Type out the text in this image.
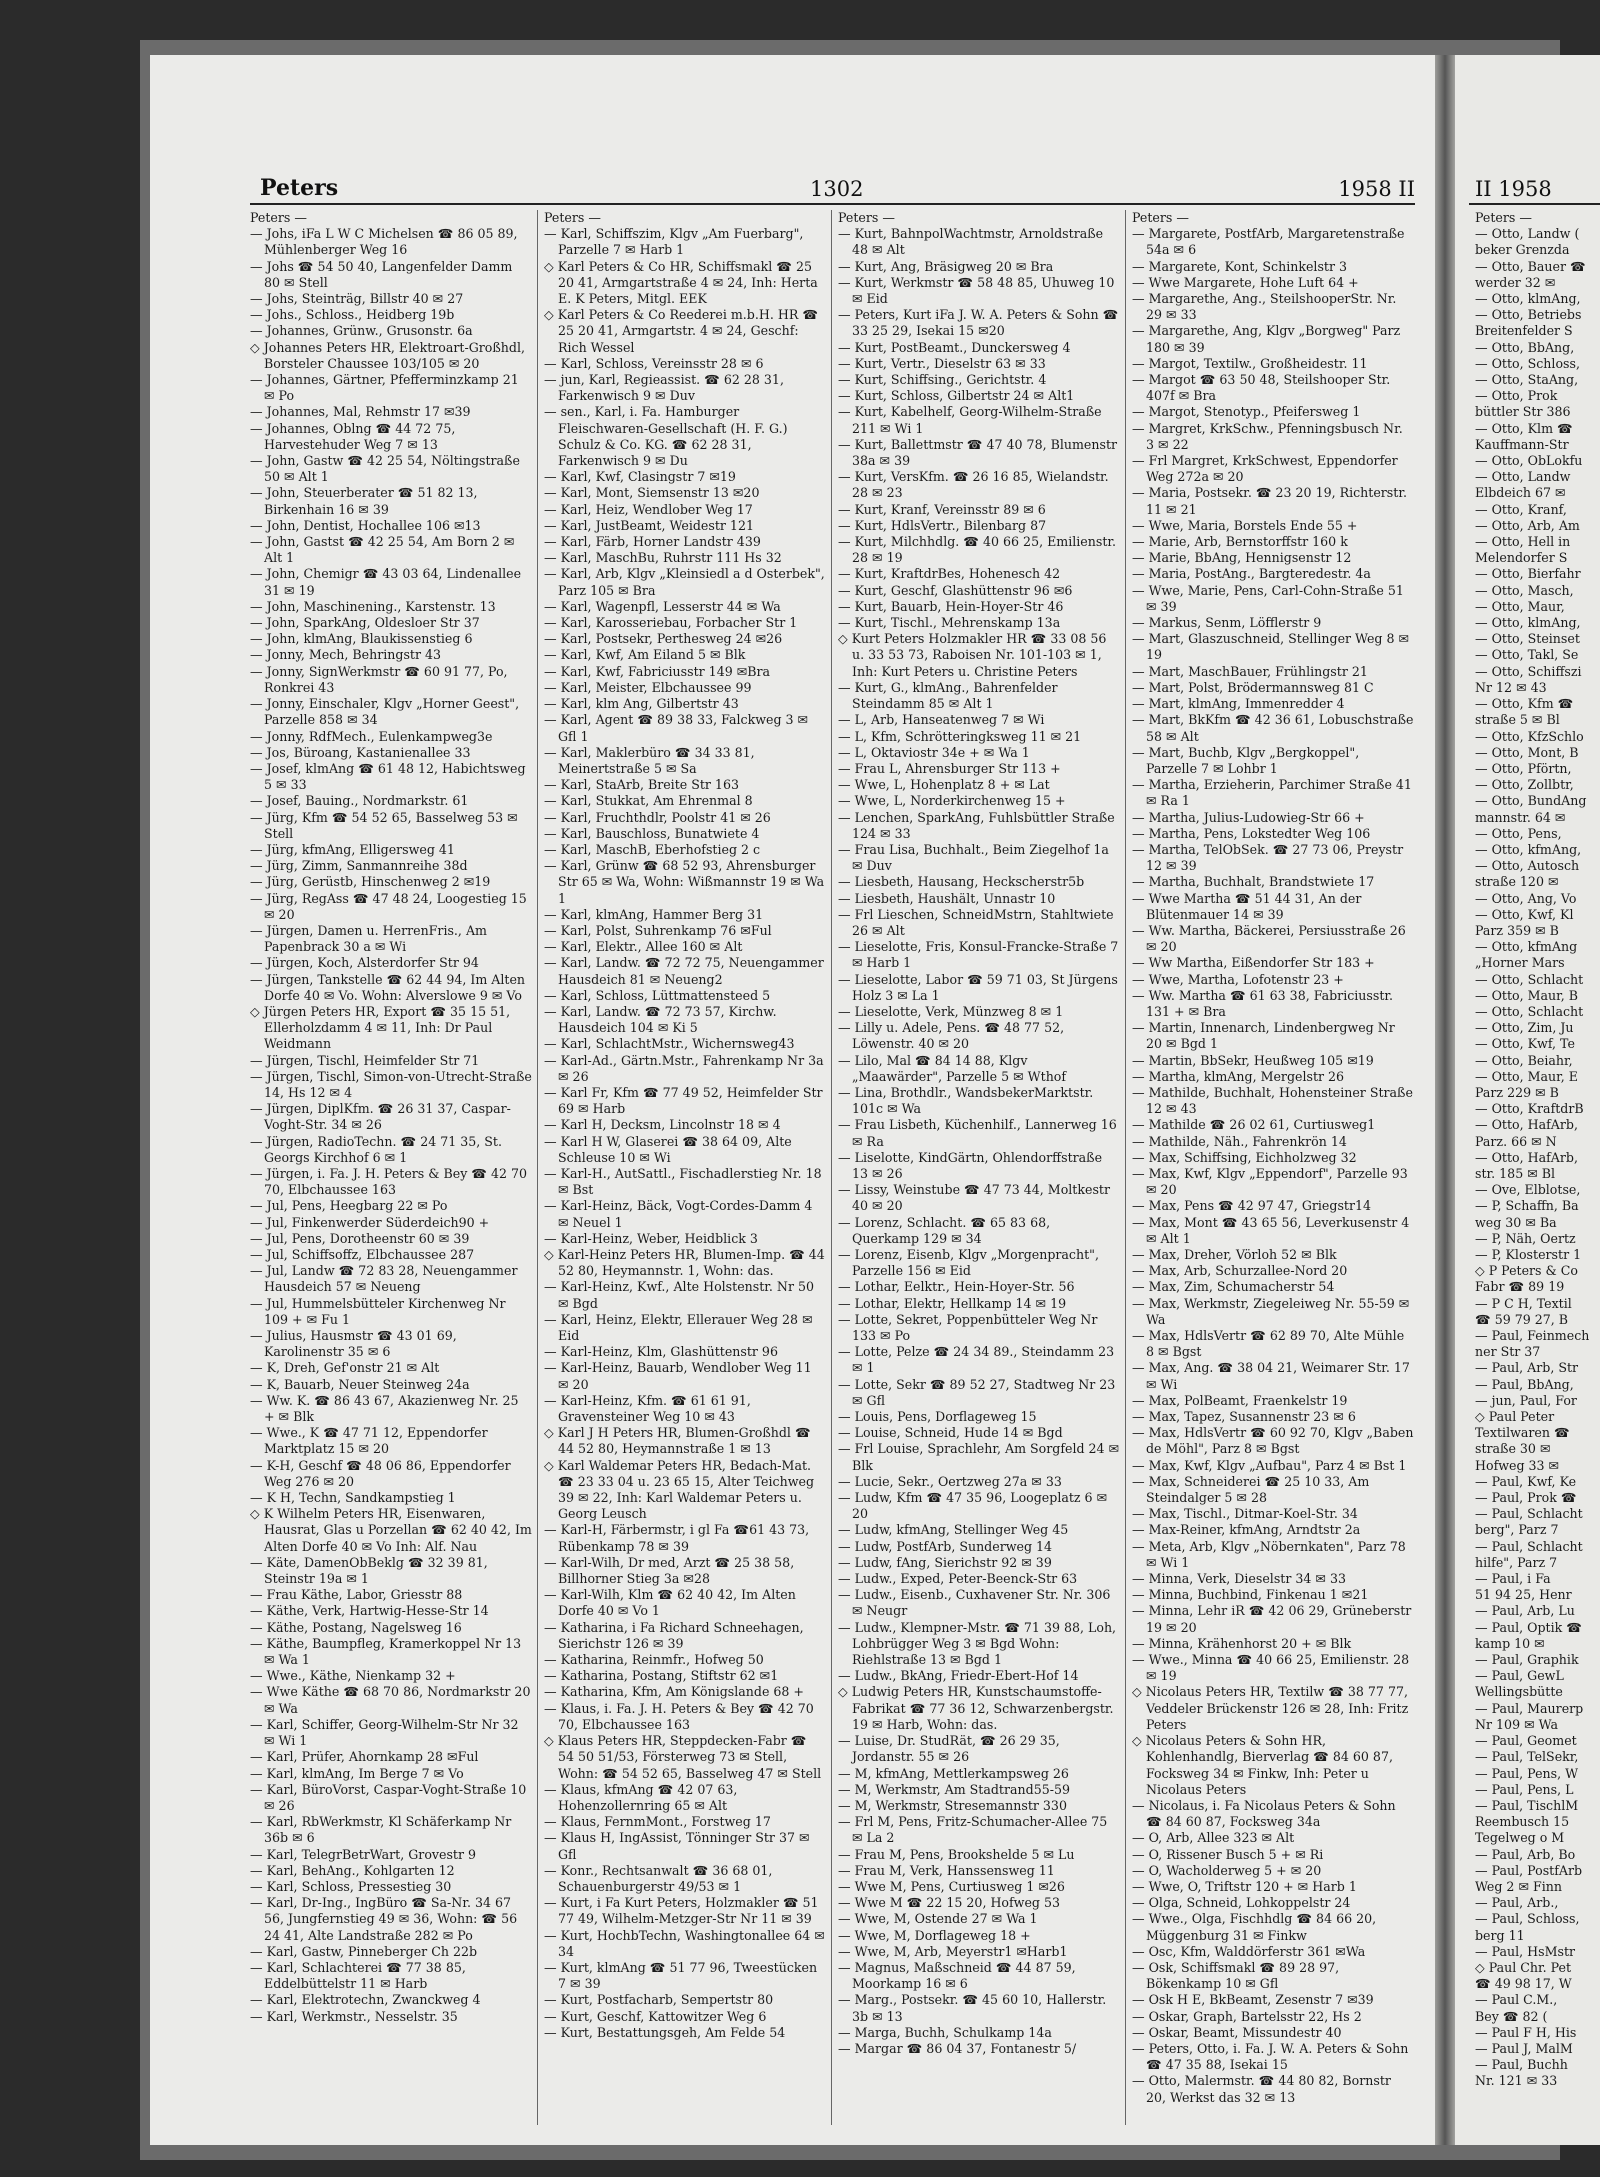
Peters	1302	1958 II

Peters —

— Johs, iFa L W C Michelsen ☎ 86 05 89, Mühlenberger Weg 16

— Johs ☎ 54 50 40, Langenfelder Damm 80 ✉ Stell

— Johs, Steinträg, Billstr 40 ✉ 27

— Johs., Schloss., Heidberg 19b

— Johannes, Grünw., Grusonstr. 6a

◇ Johannes Peters HR, Elektroart-Großhdl, Borsteler Chaussee 103/105 ✉ 20

— Johannes, Gärtner, Pfefferminzkamp 21 ✉ Po

— Johannes, Mal, Rehmstr 17 ✉39

— Johannes, Oblng ☎ 44 72 75, Harvestehuder Weg 7 ✉ 13

— John, Gastw ☎ 42 25 54, Nöltingstraße 50 ✉ Alt 1

— John, Steuerberater ☎ 51 82 13, Birkenhain 16 ✉ 39

— John, Dentist, Hochallee 106 ✉13

— John, Gastst ☎ 42 25 54, Am Born 2 ✉ Alt 1

— John, Chemigr ☎ 43 03 64, Lindenallee 31 ✉ 19

— John, Maschinening., Karstenstr. 13

— John, SparkAng, Oldesloer Str 37

— John, klmAng, Blaukissenstieg 6

— Jonny, Mech, Behringstr 43

— Jonny, SignWerkmstr ☎ 60 91 77, Po, Ronkrei 43

— Jonny, Einschaler, Klgv „Horner Geest", Parzelle 858 ✉ 34

— Jonny, RdfMech., Eulenkampweg3e

— Jos, Büroang, Kastanienallee 33

— Josef, klmAng ☎ 61 48 12, Habichtsweg 5 ✉ 33

— Josef, Bauing., Nordmarkstr. 61

— Jürg, Kfm ☎ 54 52 65, Basselweg 53 ✉ Stell

— Jürg, kfmAng, Elligersweg 41

— Jürg, Zimm, Sanmannreihe 38d

— Jürg, Gerüstb, Hinschenweg 2 ✉19

— Jürg, RegAss ☎ 47 48 24, Loogestieg 15 ✉ 20

— Jürgen, Damen u. HerrenFris., Am Papenbrack 30 a ✉ Wi

— Jürgen, Koch, Alsterdorfer Str 94

— Jürgen, Tankstelle ☎ 62 44 94, Im Alten Dorfe 40 ✉ Vo. Wohn: Alverslowe 9 ✉ Vo

◇ Jürgen Peters HR, Export ☎ 35 15 51, Ellerholzdamm 4 ✉ 11, Inh: Dr Paul Weidmann

— Jürgen, Tischl, Heimfelder Str 71

— Jürgen, Tischl, Simon-von-Utrecht-Straße 14, Hs 12 ✉ 4

— Jürgen, DiplKfm. ☎ 26 31 37, Caspar-Voght-Str. 34 ✉ 26

— Jürgen, RadioTechn. ☎ 24 71 35, St. Georgs Kirchhof 6 ✉ 1

— Jürgen, i. Fa. J. H. Peters & Bey ☎ 42 70 70, Elbchaussee 163

— Jul, Pens, Heegbarg 22 ✉ Po

— Jul, Finkenwerder Süderdeich90 +

— Jul, Pens, Dorotheenstr 60 ✉ 39

— Jul, Schiffsoffz, Elbchaussee 287

— Jul, Landw ☎ 72 83 28, Neuengammer Hausdeich 57 ✉ Neueng

— Jul, Hummelsbütteler Kirchenweg Nr 109 + ✉ Fu 1

— Julius, Hausmstr ☎ 43 01 69, Karolinenstr 35 ✉ 6

— K, Dreh, Gef'onstr 21 ✉ Alt

— K, Bauarb, Neuer Steinweg 24a

— Ww. K. ☎ 86 43 67, Akazienweg Nr. 25 + ✉ Blk

— Wwe., K ☎ 47 71 12, Eppendorfer Marktplatz 15 ✉ 20

— K-H, Geschf ☎ 48 06 86, Eppendorfer Weg 276 ✉ 20

— K H, Techn, Sandkampstieg 1

◇ K Wilhelm Peters HR, Eisenwaren, Hausrat, Glas u Porzellan ☎ 62 40 42, Im Alten Dorfe 40 ✉ Vo Inh: Alf. Nau

— Käte, DamenObBeklg ☎ 32 39 81, Steinstr 19a ✉ 1

— Frau Käthe, Labor, Griesstr 88

— Käthe, Verk, Hartwig-Hesse-Str 14

— Käthe, Postang, Nagelsweg 16

— Käthe, Baumpfleg, Kramerkoppel Nr 13 ✉ Wa 1

— Wwe., Käthe, Nienkamp 32 +

— Wwe Käthe ☎ 68 70 86, Nordmarkstr 20 ✉ Wa

— Karl, Schiffer, Georg-Wilhelm-Str Nr 32 ✉ Wi 1

— Karl, Prüfer, Ahornkamp 28 ✉Ful

— Karl, klmAng, Im Berge 7 ✉ Vo

— Karl, BüroVorst, Caspar-Voght-Straße 10 ✉ 26

— Karl, RbWerkmstr, Kl Schäferkamp Nr 36b ✉ 6

— Karl, TelegrBetrWart, Grovestr 9

— Karl, BehAng., Kohlgarten 12

— Karl, Schloss, Pressestieg 30

— Karl, Dr-Ing., IngBüro ☎ Sa-Nr. 34 67 56, Jungfernstieg 49 ✉ 36, Wohn: ☎ 56 24 41, Alte Landstraße 282 ✉ Po

— Karl, Gastw, Pinneberger Ch 22b

— Karl, Schlachterei ☎ 77 38 85, Eddelbüttelstr 11 ✉ Harb

— Karl, Elektrotechn, Zwanckweg 4

— Karl, Werkmstr., Nesselstr. 35

Peters —

— Karl, Schiffszim, Klgv „Am Fuerbarg", Parzelle 7 ✉ Harb 1

◇ Karl Peters & Co HR, Schiffsmakl ☎ 25 20 41, Armgartstraße 4 ✉ 24, Inh: Herta E. K Peters, Mitgl. EEK

◇ Karl Peters & Co Reederei m.b.H. HR ☎ 25 20 41, Armgartstr. 4 ✉ 24, Geschf: Rich Wessel

— Karl, Schloss, Vereinsstr 28 ✉ 6

— jun, Karl, Regieassist. ☎ 62 28 31, Farkenwisch 9 ✉ Duv

— sen., Karl, i. Fa. Hamburger Fleischwaren-Gesellschaft (H. F. G.) Schulz & Co. KG. ☎ 62 28 31, Farkenwisch 9 ✉ Du

— Karl, Kwf, Clasingstr 7 ✉19

— Karl, Mont, Siemsenstr 13 ✉20

— Karl, Heiz, Wendlober Weg 17

— Karl, JustBeamt, Weidestr 121

— Karl, Färb, Horner Landstr 439

— Karl, MaschBu, Ruhrstr 111 Hs 32

— Karl, Arb, Klgv „Kleinsiedl a d Osterbek", Parz 105 ✉ Bra

— Karl, Wagenpfl, Lesserstr 44 ✉ Wa

— Karl, Karosseriebau, Forbacher Str 1

— Karl, Postsekr, Perthesweg 24 ✉26

— Karl, Kwf, Am Eiland 5 ✉ Blk

— Karl, Kwf, Fabriciusstr 149 ✉Bra

— Karl, Meister, Elbchaussee 99

— Karl, klm Ang, Gilbertstr 43

— Karl, Agent ☎ 89 38 33, Falckweg 3 ✉ Gfl 1

— Karl, Maklerbüro ☎ 34 33 81, Meinertstraße 5 ✉ Sa

— Karl, StaArb, Breite Str 163

— Karl, Stukkat, Am Ehrenmal 8

— Karl, Fruchthdlr, Poolstr 41 ✉ 26

— Karl, Bauschloss, Bunatwiete 4

— Karl, MaschB, Eberhofstieg 2 c

— Karl, Grünw ☎ 68 52 93, Ahrensburger Str 65 ✉ Wa, Wohn: Wißmannstr 19 ✉ Wa 1

— Karl, klmAng, Hammer Berg 31

— Karl, Polst, Suhrenkamp 76 ✉Ful

— Karl, Elektr., Allee 160 ✉ Alt

— Karl, Landw. ☎ 72 72 75, Neuengammer Hausdeich 81 ✉ Neueng2

— Karl, Schloss, Lüttmattensteed 5

— Karl, Landw. ☎ 72 73 57, Kirchw. Hausdeich 104 ✉ Ki 5

— Karl, SchlachtMstr., Wichernsweg43

— Karl-Ad., Gärtn.Mstr., Fahrenkamp Nr 3a ✉ 26

— Karl Fr, Kfm ☎ 77 49 52, Heimfelder Str 69 ✉ Harb

— Karl H, Decksm, Lincolnstr 18 ✉ 4

— Karl H W, Glaserei ☎ 38 64 09, Alte Schleuse 10 ✉ Wi

— Karl-H., AutSattl., Fischadlerstieg Nr. 18 ✉ Bst

— Karl-Heinz, Bäck, Vogt-Cordes-Damm 4 ✉ Neuel 1

— Karl-Heinz, Weber, Heidblick 3

◇ Karl-Heinz Peters HR, Blumen-Imp. ☎ 44 52 80, Heymannstr. 1, Wohn: das.

— Karl-Heinz, Kwf., Alte Holstenstr. Nr 50 ✉ Bgd

— Karl, Heinz, Elektr, Ellerauer Weg 28 ✉ Eid

— Karl-Heinz, Klm, Glashüttenstr 96

— Karl-Heinz, Bauarb, Wendlober Weg 11 ✉ 20

— Karl-Heinz, Kfm. ☎ 61 61 91, Gravensteiner Weg 10 ✉ 43

◇ Karl J H Peters HR, Blumen-Großhdl ☎ 44 52 80, Heymannstraße 1 ✉ 13

◇ Karl Waldemar Peters HR, Bedach-Mat. ☎ 23 33 04 u. 23 65 15, Alter Teichweg 39 ✉ 22, Inh: Karl Waldemar Peters u. Georg Leusch

— Karl-H, Färbermstr, i gl Fa ☎61 43 73, Rübenkamp 78 ✉ 39

— Karl-Wilh, Dr med, Arzt ☎ 25 38 58, Billhorner Stieg 3a ✉28

— Karl-Wilh, Klm ☎ 62 40 42, Im Alten Dorfe 40 ✉ Vo 1

— Katharina, i Fa Richard Schneehagen, Sierichstr 126 ✉ 39

— Katharina, Reinmfr., Hofweg 50

— Katharina, Postang, Stiftstr 62 ✉1

— Katharina, Kfm, Am Königslande 68 +

— Klaus, i. Fa. J. H. Peters & Bey ☎ 42 70 70, Elbchaussee 163

◇ Klaus Peters HR, Steppdecken-Fabr ☎ 54 50 51/53, Försterweg 73 ✉ Stell, Wohn: ☎ 54 52 65, Basselweg 47 ✉ Stell

— Klaus, kfmAng ☎ 42 07 63, Hohenzollernring 65 ✉ Alt

— Klaus, FernmMont., Forstweg 17

— Klaus H, IngAssist, Tönninger Str 37 ✉ Gfl

— Konr., Rechtsanwalt ☎ 36 68 01, Schauenburgerstr 49/53 ✉ 1

— Kurt, i Fa Kurt Peters, Holzmakler ☎ 51 77 49, Wilhelm-Metzger-Str Nr 11 ✉ 39

— Kurt, HochbTechn, Washingtonallee 64 ✉ 34

— Kurt, klmAng ☎ 51 77 96, Tweestücken 7 ✉ 39

— Kurt, Postfacharb, Sempertstr 80

— Kurt, Geschf, Kattowitzer Weg 6

— Kurt, Bestattungsgeh, Am Felde 54

Peters —

— Kurt, BahnpolWachtmstr, Arnoldstraße 48 ✉ Alt

— Kurt, Ang, Bräsigweg 20 ✉ Bra

— Kurt, Werkmstr ☎ 58 48 85, Uhuweg 10 ✉ Eid

— Peters, Kurt iFa J. W. A. Peters & Sohn ☎ 33 25 29, Isekai 15 ✉20

— Kurt, PostBeamt., Dunckersweg 4

— Kurt, Vertr., Dieselstr 63 ✉ 33

— Kurt, Schiffsing., Gerichtstr. 4

— Kurt, Schloss, Gilbertstr 24 ✉ Alt1

— Kurt, Kabelhelf, Georg-Wilhelm-Straße 211 ✉ Wi 1

— Kurt, Ballettmstr ☎ 47 40 78, Blumenstr 38a ✉ 39

— Kurt, VersKfm. ☎ 26 16 85, Wielandstr. 28 ✉ 23

— Kurt, Kranf, Vereinsstr 89 ✉ 6

— Kurt, HdlsVertr., Bilenbarg 87

— Kurt, Milchhdlg. ☎ 40 66 25, Emilienstr. 28 ✉ 19

— Kurt, KraftdrBes, Hohenesch 42

— Kurt, Geschf, Glashüttenstr 96 ✉6

— Kurt, Bauarb, Hein-Hoyer-Str 46

— Kurt, Tischl., Mehrenskamp 13a

◇ Kurt Peters Holzmakler HR ☎ 33 08 56 u. 33 53 73, Raboisen Nr. 101-103 ✉ 1, Inh: Kurt Peters u. Christine Peters

— Kurt, G., klmAng., Bahrenfelder Steindamm 85 ✉ Alt 1

— L, Arb, Hanseatenweg 7 ✉ Wi

— L, Kfm, Schrötteringksweg 11 ✉ 21

— L, Oktaviostr 34e + ✉ Wa 1

— Frau L, Ahrensburger Str 113 +

— Wwe, L, Hohenplatz 8 + ✉ Lat

— Wwe, L, Norderkirchenweg 15 +

— Lenchen, SparkAng, Fuhlsbüttler Straße 124 ✉ 33

— Frau Lisa, Buchhalt., Beim Ziegelhof 1a ✉ Duv

— Liesbeth, Hausang, Heckscherstr5b

— Liesbeth, Haushält, Unnastr 10

— Frl Lieschen, SchneidMstrn, Stahltwiete 26 ✉ Alt

— Lieselotte, Fris, Konsul-Francke-Straße 7 ✉ Harb 1

— Lieselotte, Labor ☎ 59 71 03, St Jürgens Holz 3 ✉ La 1

— Lieselotte, Verk, Münzweg 8 ✉ 1

— Lilly u. Adele, Pens. ☎ 48 77 52, Löwenstr. 40 ✉ 20

— Lilo, Mal ☎ 84 14 88, Klgv „Maawärder", Parzelle 5 ✉ Wthof

— Lina, Brothdlr., WandsbekerMarktstr. 101c ✉ Wa

— Frau Lisbeth, Küchenhilf., Lannerweg 16 ✉ Ra

— Liselotte, KindGärtn, Ohlendorffstraße 13 ✉ 26

— Lissy, Weinstube ☎ 47 73 44, Moltkestr 40 ✉ 20

— Lorenz, Schlacht. ☎ 65 83 68, Querkamp 129 ✉ 34

— Lorenz, Eisenb, Klgv „Morgenpracht", Parzelle 156 ✉ Eid

— Lothar, Eelktr., Hein-Hoyer-Str. 56

— Lothar, Elektr, Hellkamp 14 ✉ 19

— Lotte, Sekret, Poppenbütteler Weg Nr 133 ✉ Po

— Lotte, Pelze ☎ 24 34 89., Steindamm 23 ✉ 1

— Lotte, Sekr ☎ 89 52 27, Stadtweg Nr 23 ✉ Gfl

— Louis, Pens, Dorflageweg 15

— Louise, Schneid, Hude 14 ✉ Bgd

— Frl Louise, Sprachlehr, Am Sorgfeld 24 ✉ Blk

— Lucie, Sekr., Oertzweg 27a ✉ 33

— Ludw, Kfm ☎ 47 35 96, Loogeplatz 6 ✉ 20

— Ludw, kfmAng, Stellinger Weg 45

— Ludw, PostfArb, Sunderweg 14

— Ludw, fAng, Sierichstr 92 ✉ 39

— Ludw., Exped, Peter-Beenck-Str 63

— Ludw., Eisenb., Cuxhavener Str. Nr. 306 ✉ Neugr

— Ludw., Klempner-Mstr. ☎ 71 39 88, Loh, Lohbrügger Weg 3 ✉ Bgd Wohn: Riehlstraße 13 ✉ Bgd 1

— Ludw., BkAng, Friedr-Ebert-Hof 14

◇ Ludwig Peters HR, Kunstschaumstoffe-Fabrikat ☎ 77 36 12, Schwarzenbergstr. 19 ✉ Harb, Wohn: das.

— Luise, Dr. StudRät, ☎ 26 29 35, Jordanstr. 55 ✉ 26

— M, kfmAng, Mettlerkampsweg 26

— M, Werkmstr, Am Stadtrand55-59

— M, Werkmstr, Stresemannstr 330

— Frl M, Pens, Fritz-Schumacher-Allee 75 ✉ La 2

— Frau M, Pens, Brookshelde 5 ✉ Lu

— Frau M, Verk, Hanssensweg 11

— Wwe M, Pens, Curtiusweg 1 ✉26

— Wwe M ☎ 22 15 20, Hofweg 53

— Wwe, M, Ostende 27 ✉ Wa 1

— Wwe, M, Dorflageweg 18 +

— Wwe, M, Arb, Meyerstr1 ✉Harb1

— Magnus, Maßschneid ☎ 44 87 59, Moorkamp 16 ✉ 6

— Marg., Postsekr. ☎ 45 60 10, Hallerstr. 3b ✉ 13

— Marga, Buchh, Schulkamp 14a

— Margar ☎ 86 04 37, Fontanestr 5/

Peters —

— Margarete, PostfArb, Margaretenstraße 54a ✉ 6

— Margarete, Kont, Schinkelstr 3

— Wwe Margarete, Hohe Luft 64 +

— Margarethe, Ang., SteilshooperStr. Nr. 29 ✉ 33

— Margarethe, Ang, Klgv „Borgweg" Parz 180 ✉ 39

— Margot, Textilw., Großheidestr. 11

— Margot ☎ 63 50 48, Steilshooper Str. 407f ✉ Bra

— Margot, Stenotyp., Pfeifersweg 1

— Margret, KrkSchw., Pfenningsbusch Nr. 3 ✉ 22

— Frl Margret, KrkSchwest, Eppendorfer Weg 272a ✉ 20

— Maria, Postsekr. ☎ 23 20 19, Richterstr. 11 ✉ 21

— Wwe, Maria, Borstels Ende 55 +

— Marie, Arb, Bernstorffstr 160 k

— Marie, BbAng, Hennigsenstr 12

— Maria, PostAng., Bargteredestr. 4a

— Wwe, Marie, Pens, Carl-Cohn-Straße 51 ✉ 39

— Markus, Senm, Löfflerstr 9

— Mart, Glaszuschneid, Stellinger Weg 8 ✉ 19

— Mart, MaschBauer, Frühlingstr 21

— Mart, Polst, Brödermannsweg 81 C

— Mart, klmAng, Immenredder 4

— Mart, BkKfm ☎ 42 36 61, Lobuschstraße 58 ✉ Alt

— Mart, Buchb, Klgv „Bergkoppel", Parzelle 7 ✉ Lohbr 1

— Martha, Erzieherin, Parchimer Straße 41 ✉ Ra 1

— Martha, Julius-Ludowieg-Str 66 +

— Martha, Pens, Lokstedter Weg 106

— Martha, TelObSek. ☎ 27 73 06, Preystr 12 ✉ 39

— Martha, Buchhalt, Brandstwiete 17

— Wwe Martha ☎ 51 44 31, An der Blütenmauer 14 ✉ 39

— Ww. Martha, Bäckerei, Persiusstraße 26 ✉ 20

— Ww Martha, Eißendorfer Str 183 +

— Wwe, Martha, Lofotenstr 23 +

— Ww. Martha ☎ 61 63 38, Fabriciusstr. 131 + ✉ Bra

— Martin, Innenarch, Lindenbergweg Nr 20 ✉ Bgd 1

— Martin, BbSekr, Heußweg 105 ✉19

— Martha, klmAng, Mergelstr 26

— Mathilde, Buchhalt, Hohensteiner Straße 12 ✉ 43

— Mathilde ☎ 26 02 61, Curtiusweg1

— Mathilde, Näh., Fahrenkrön 14

— Max, Schiffsing, Eichholzweg 32

— Max, Kwf, Klgv „Eppendorf", Parzelle 93 ✉ 20

— Max, Pens ☎ 42 97 47, Griegstr14

— Max, Mont ☎ 43 65 56, Leverkusenstr 4 ✉ Alt 1

— Max, Dreher, Vörloh 52 ✉ Blk

— Max, Arb, Schurzallee-Nord 20

— Max, Zim, Schumacherstr 54

— Max, Werkmstr, Ziegeleiweg Nr. 55-59 ✉ Wa

— Max, HdlsVertr ☎ 62 89 70, Alte Mühle 8 ✉ Bgst

— Max, Ang. ☎ 38 04 21, Weimarer Str. 17 ✉ Wi

— Max, PolBeamt, Fraenkelstr 19

— Max, Tapez, Susannenstr 23 ✉ 6

— Max, HdlsVertr ☎ 60 92 70, Klgv „Baben de Möhl", Parz 8 ✉ Bgst

— Max, Kwf, Klgv „Aufbau", Parz 4 ✉ Bst 1

— Max, Schneiderei ☎ 25 10 33, Am Steindalger 5 ✉ 28

— Max, Tischl., Ditmar-Koel-Str. 34

— Max-Reiner, kfmAng, Arndtstr 2a

— Meta, Arb, Klgv „Nöbernkaten", Parz 78 ✉ Wi 1

— Minna, Verk, Dieselstr 34 ✉ 33

— Minna, Buchbind, Finkenau 1 ✉21

— Minna, Lehr iR ☎ 42 06 29, Grüneberstr 19 ✉ 20

— Minna, Krähenhorst 20 + ✉ Blk

— Wwe., Minna ☎ 40 66 25, Emilienstr. 28 ✉ 19

◇ Nicolaus Peters HR, Textilw ☎ 38 77 77, Veddeler Brückenstr 126 ✉ 28, Inh: Fritz Peters

◇ Nicolaus Peters & Sohn HR, Kohlenhandlg, Bierverlag ☎ 84 60 87, Focksweg 34 ✉ Finkw, Inh: Peter u Nicolaus Peters

— Nicolaus, i. Fa Nicolaus Peters & Sohn ☎ 84 60 87, Focksweg 34a

— O, Arb, Allee 323 ✉ Alt

— O, Rissener Busch 5 + ✉ Ri

— O, Wacholderweg 5 + ✉ 20

— Wwe, O, Triftstr 120 + ✉ Harb 1

— Olga, Schneid, Lohkoppelstr 24

— Wwe., Olga, Fischhdlg ☎ 84 66 20, Müggenburg 31 ✉ Finkw

— Osc, Kfm, Walddörferstr 361 ✉Wa

— Osk, Schiffsmakl ☎ 89 28 97, Bökenkamp 10 ✉ Gfl

— Osk H E, BkBeamt, Zesenstr 7 ✉39

— Oskar, Graph, Bartelsstr 22, Hs 2

— Oskar, Beamt, Missundestr 40

— Peters, Otto, i. Fa. J. W. A. Peters & Sohn ☎ 47 35 88, Isekai 15

— Otto, Malermstr. ☎ 44 80 82, Bornstr 20, Werkst das 32 ✉ 13

II 1958

Peters —

— Otto, Landw (

beker Grenzda

— Otto, Bauer ☎

werder 32 ✉

— Otto, klmAng,

— Otto, Betriebs

Breitenfelder S

— Otto, BbAng,

— Otto, Schloss,

— Otto, StaAng,

— Otto, Prok

büttler Str 386

— Otto, Klm ☎

Kauffmann-Str

— Otto, ObLokfu

— Otto, Landw

Elbdeich 67 ✉

— Otto, Kranf,

— Otto, Arb, Am

— Otto, Hell in

Melendorfer S

— Otto, Bierfahr

— Otto, Masch,

— Otto, Maur,

— Otto, klmAng,

— Otto, Steinset

— Otto, Takl, Se

— Otto, Schiffszi

Nr 12 ✉ 43

— Otto, Kfm ☎

straße 5 ✉ Bl

— Otto, KfzSchlo

— Otto, Mont, B

— Otto, Pförtn,

— Otto, Zollbtr,

— Otto, BundAng

mannstr. 64 ✉

— Otto, Pens,

— Otto, kfmAng,

— Otto, Autosch

straße 120 ✉

— Otto, Ang, Vo

— Otto, Kwf, Kl

Parz 359 ✉ B

— Otto, kfmAng

„Horner Mars

— Otto, Schlacht

— Otto, Maur, B

— Otto, Schlacht

— Otto, Zim, Ju

— Otto, Kwf, Te

— Otto, Beiahr,

— Otto, Maur, E

Parz 229 ✉ B

— Otto, KraftdrB

— Otto, HafArb,

Parz. 66 ✉ N

— Otto, HafArb,

str. 185 ✉ Bl

— Ove, Elblotse,

— P, Schaffn, Ba

weg 30 ✉ Ba

— P, Näh, Oertz

— P, Klosterstr 1

◇ P Peters & Co

Fabr ☎ 89 19

— P C H, Textil

☎ 59 79 27, B

— Paul, Feinmech

ner Str 37

— Paul, Arb, Str

— Paul, BbAng,

— jun, Paul, For

◇ Paul Peter

Textilwaren ☎

straße 30 ✉

Hofweg 33 ✉

— Paul, Kwf, Ke

— Paul, Prok ☎

— Paul, Schlacht

berg", Parz 7

— Paul, Schlacht

hilfe", Parz 7

— Paul, i Fa

51 94 25, Henr

— Paul, Arb, Lu

— Paul, Optik ☎

kamp 10 ✉

— Paul, Graphik

— Paul, GewL

Wellingsbütte

— Paul, Maurerp

Nr 109 ✉ Wa

— Paul, Geomet

— Paul, TelSekr,

— Paul, Pens, W

— Paul, Pens, L

— Paul, TischlM

Reembusch 15

Tegelweg o M

— Paul, Arb, Bo

— Paul, PostfArb

Weg 2 ✉ Finn

— Paul, Arb.,

— Paul, Schloss,

berg 11

— Paul, HsMstr

◇ Paul Chr. Pet

☎ 49 98 17, W

— Paul C.M.,

Bey ☎ 82 (

— Paul F H, His

— Paul J, MalM

— Paul, Buchh

Nr. 121 ✉ 33
